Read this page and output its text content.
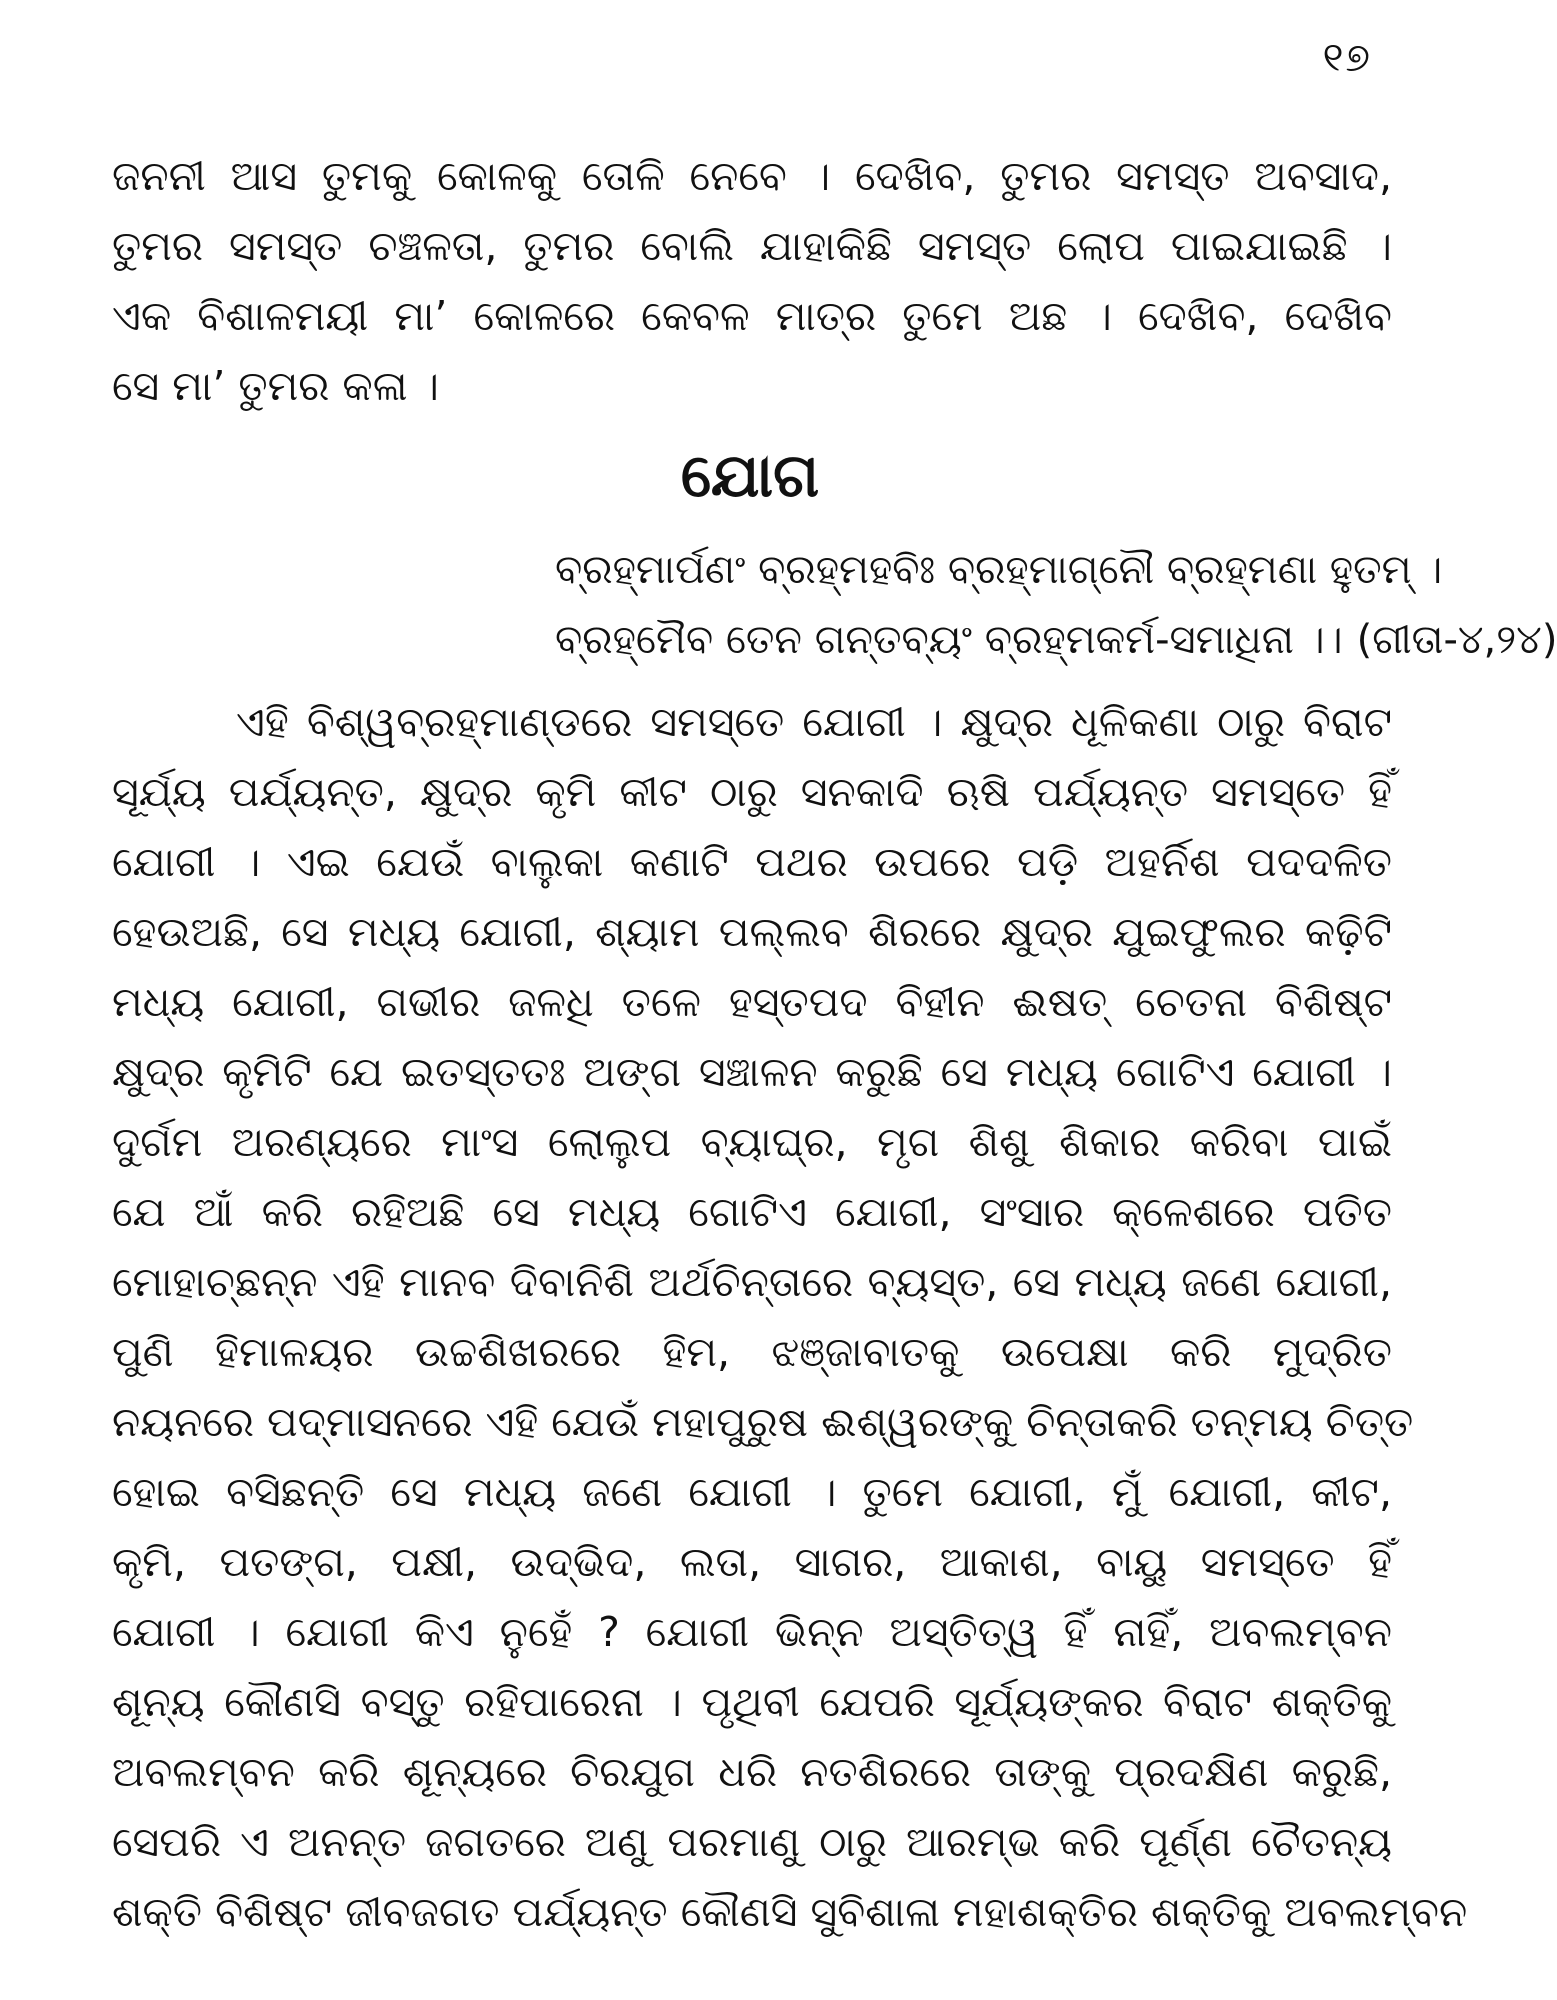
୧୭
ଜନନୀ ଆସ ତୁମକୁ କୋଳକୁ ତୋଳି ନେବେ । ଦେଖିବ, ତୁମର ସମସ୍ତ ଅବସାଦ,
ତୁମର ସମସ୍ତ ଚଞ୍ଚଳତା, ତୁମର ବୋଲି ଯାହାକିଛି ସମସ୍ତ ଲୋପ ପାଇଯାଇଛି ।
ଏକ ବିଶାଳମୟୀ ମା’ କୋଳରେ କେବଳ ମାତ୍ର ତୁମେ ଅଛ । ଦେଖିବ, ଦେଖିବ
ସେ ମା’ ତୁମର କଳା ।
ଯୋଗ
ବ୍ରହ୍ମାର୍ପଣଂ ବ୍ରହ୍ମହବିଃ ବ୍ରହ୍ମାଗ୍ନୌ ବ୍ରହ୍ମଣା ହୁତମ୍ ।
ବ୍ରହ୍ମୈବ ତେନ ଗନ୍ତବ୍ୟଂ ବ୍ରହ୍ମକର୍ମ-ସମାଧିନା ।। (ଗୀତା-୪,୨୪)
ଏହି ବିଶ୍ୱବ୍ରହ୍ମାଣ୍ଡରେ ସମସ୍ତେ ଯୋଗୀ । କ୍ଷୁଦ୍ର ଧୂଳିକଣା ଠାରୁ ବିରାଟ
ସୂର୍ଯ୍ୟ ପର୍ଯ୍ୟନ୍ତ, କ୍ଷୁଦ୍ର କୃମି କୀଟ ଠାରୁ ସନକାଦି ଋଷି ପର୍ଯ୍ୟନ୍ତ ସମସ୍ତେ ହିଁ
ଯୋଗୀ । ଏଇ ଯେଉଁ ବାଲୁକା କଣାଟି ପଥର ଉପରେ ପଡ଼ି ଅହର୍ନିଶ ପଦଦଳିତ
ହେଉଅଛି, ସେ ମଧ୍ୟ ଯୋଗୀ, ଶ୍ୟାମ ପଲ୍ଲବ ଶିରରେ କ୍ଷୁଦ୍ର ଯୁଇଫୁଲର କଢ଼ିଟି
ମଧ୍ୟ ଯୋଗୀ, ଗଭୀର ଜଳଧି ତଳେ ହସ୍ତପଦ ବିହୀନ ଈଷତ୍ ଚେତନା ବିଶିଷ୍ଟ
କ୍ଷୁଦ୍ର କୃମିଟି ଯେ ଇତସ୍ତତଃ ଅଙ୍ଗ ସଞ୍ଚାଳନ କରୁଛି ସେ ମଧ୍ୟ ଗୋଟିଏ ଯୋଗୀ ।
ଦୁର୍ଗମ ଅରଣ୍ୟରେ ମାଂସ ଲୋଲୁପ ବ୍ୟାଘ୍ର, ମୃଗ ଶିଶୁ ଶିକାର କରିବା ପାଇଁ
ଯେ ଆଁ କରି ରହିଅଛି ସେ ମଧ୍ୟ ଗୋଟିଏ ଯୋଗୀ, ସଂସାର କ୍ଳେଶରେ ପତିତ
ମୋହାଚ୍ଛନ୍ନ ଏହି ମାନବ ଦିବାନିଶି ଅର୍ଥଚିନ୍ତାରେ ବ୍ୟସ୍ତ, ସେ ମଧ୍ୟ ଜଣେ ଯୋଗୀ,
ପୁଣି ହିମାଳୟର ଉଚ୍ଚଶିଖରରେ ହିମ, ଝଞ୍ଜାବାତକୁ ଉପେକ୍ଷା କରି ମୁଦ୍ରିତ
ନୟନରେ ପଦ୍ମାସନରେ ଏହି ଯେଉଁ ମହାପୁରୁଷ ଈଶ୍ୱରଙ୍କୁ ଚିନ୍ତାକରି ତନ୍ମୟ ଚିତ୍ତ
ହୋଇ ବସିଛନ୍ତି ସେ ମଧ୍ୟ ଜଣେ ଯୋଗୀ । ତୁମେ ଯୋଗୀ, ମୁଁ ଯୋଗୀ, କୀଟ,
କୃମି, ପତଙ୍ଗ, ପକ୍ଷୀ, ଉଦ୍ଭିଦ, ଲତା, ସାଗର, ଆକାଶ, ବାୟୁ ସମସ୍ତେ ହିଁ
ଯୋଗୀ । ଯୋଗୀ କିଏ ନୁହେଁ ? ଯୋଗୀ ଭିନ୍ନ ଅସ୍ତିତ୍ୱ ହିଁ ନାହିଁ, ଅବଲମ୍ବନ
ଶୂନ୍ୟ କୌଣସି ବସ୍ତୁ ରହିପାରେନା । ପୃଥିବୀ ଯେପରି ସୂର୍ଯ୍ୟଙ୍କର ବିରାଟ ଶକ୍ତିକୁ
ଅବଲମ୍ବନ କରି ଶୂନ୍ୟରେ ଚିରଯୁଗ ଧରି ନତଶିରରେ ତାଙ୍କୁ ପ୍ରଦକ୍ଷିଣ କରୁଛି,
ସେପରି ଏ ଅନନ୍ତ ଜଗତରେ ଅଣୁ ପରମାଣୁ ଠାରୁ ଆରମ୍ଭ କରି ପୂର୍ଣ୍ଣ ଚୈତନ୍ୟ
ଶକ୍ତି ବିଶିଷ୍ଟ ଜୀବଜଗତ ପର୍ଯ୍ୟନ୍ତ କୌଣସି ସୁବିଶାଳା ମହାଶକ୍ତିର ଶକ୍ତିକୁ ଅବଲମ୍ବନ
